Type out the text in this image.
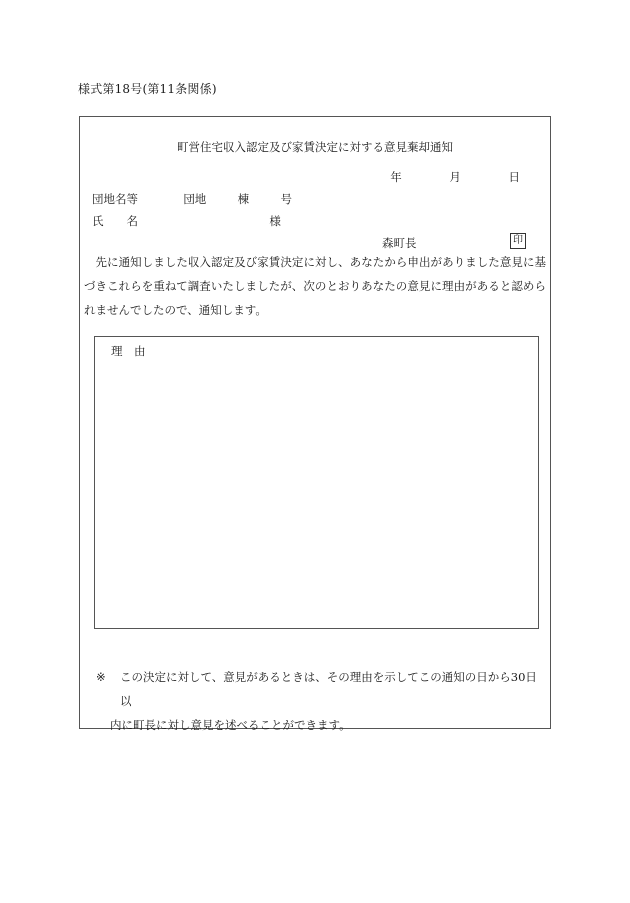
様式第18号(第11条関係)
町営住宅収入認定及び家賃決定に対する意見棄却通知
年	月	日
団地名等	団地	棟	号
氏　　名	様
森町長	印
先に通知しました収入認定及び家賃決定に対し、あなたから申出がありました意見に基づきこれらを重ねて調査いたしましたが、次のとおりあなたの意見に理由があると認められませんでしたので、通知します。
理　由
※	この決定に対して、意見があるときは、その理由を示してこの通知の日から30日以
内に町長に対し意見を述べることができます。
